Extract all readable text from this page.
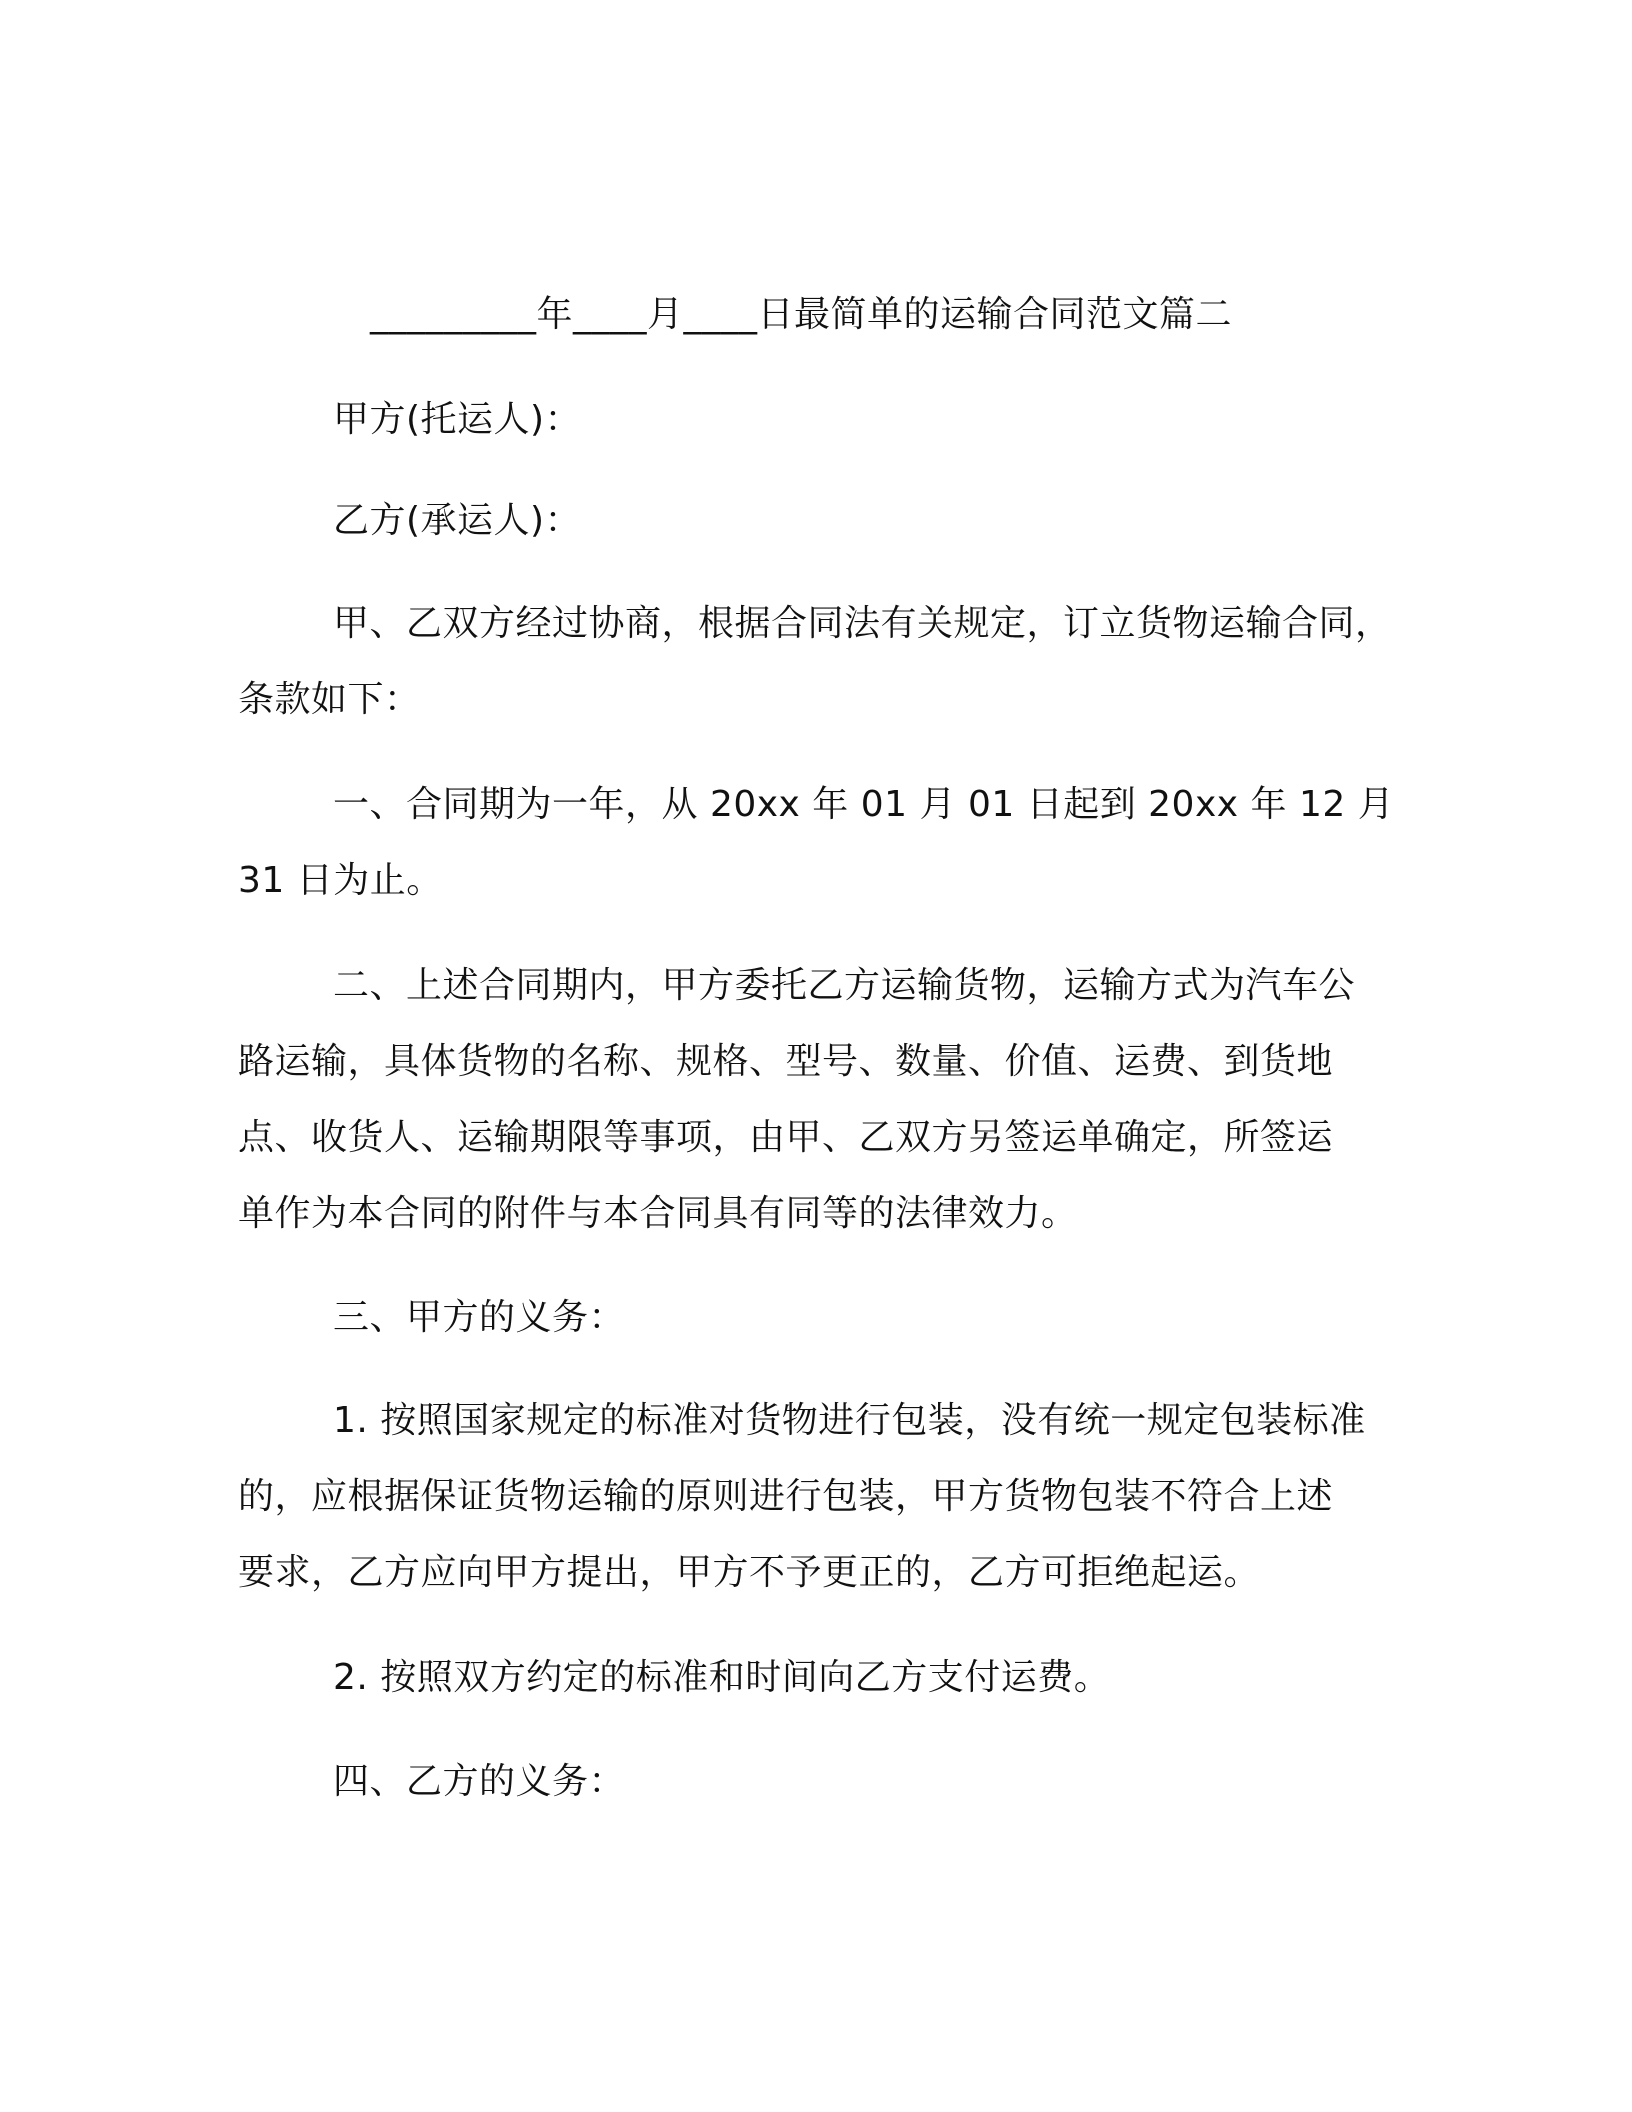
_________年____月____日最简单的运输合同范文篇二
甲方(托运人)：
乙方(承运人)：
甲、乙双方经过协商，根据合同法有关规定，订立货物运输合同，
条款如下：
一、合同期为一年，从 20xx 年 01 月 01 日起到 20xx 年 12 月
31 日为止。
二、上述合同期内，甲方委托乙方运输货物，运输方式为汽车公
路运输，具体货物的名称、规格、型号、数量、价值、运费、到货地
点、收货人、运输期限等事项，由甲、乙双方另签运单确定，所签运
单作为本合同的附件与本合同具有同等的法律效力。
三、甲方的义务：
1. 按照国家规定的标准对货物进行包装，没有统一规定包装标准
的，应根据保证货物运输的原则进行包装，甲方货物包装不符合上述
要求，乙方应向甲方提出，甲方不予更正的，乙方可拒绝起运。
2. 按照双方约定的标准和时间向乙方支付运费。
四、乙方的义务：
